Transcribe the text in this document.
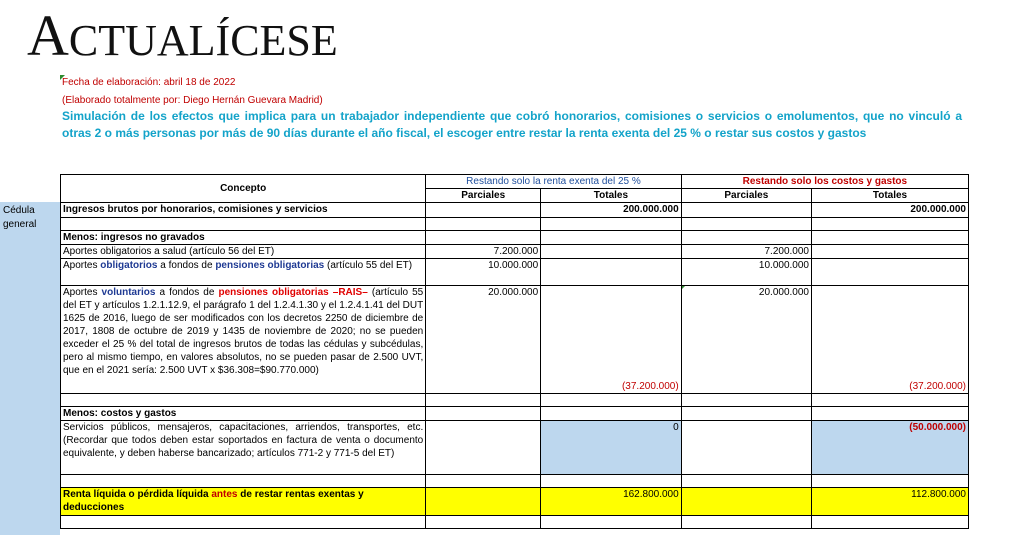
ACTUALÍCESE
Fecha de elaboración: abril 18 de 2022
(Elaborado totalmente por: Diego Hernán Guevara Madrid)
Simulación de los efectos que implica para un trabajador independiente que cobró honorarios, comisiones o servicios o emolumentos, que no vinculó a otras 2 o más personas por más de 90 días durante el año fiscal, el escoger entre restar la renta exenta del 25 % o restar sus costos y gastos
Cédula general
Concepto	Restando solo la renta exenta del 25 %		Restando solo los costos y gastos	
	Parciales	Totales	Parciales	Totales
Ingresos brutos por honorarios, comisiones y servicios		200.000.000		200.000.000

Menos: ingresos no gravados				
Aportes obligatorios a salud (artículo 56 del ET)	7.200.000		7.200.000	
Aportes obligatorios a fondos de pensiones obligatorias (artículo 55 del ET)	10.000.000		10.000.000	

Aportes voluntarios a fondos de pensiones obligatorias –RAIS– (artículo 55 del ET y artículos 1.2.1.12.9, el parágrafo 1 del 1.2.4.1.30 y el 1.2.4.1.41 del DUT 1625 de 2016, luego de ser modificados con los decretos 2250 de diciembre de 2017, 1808 de octubre de 2019 y 1435 de noviembre de 2020; no se pueden exceder el 25 % del total de ingresos brutos de todas las cédulas y subcédulas, pero al mismo tiempo, en valores absolutos, no se pueden pasar de 2.500 UVT, que en el 2021 sería: 2.500 UVT x $36.308=$90.770.000)	20.000.000	(37.200.000)	20.000.000	(37.200.000)

Menos: costos y gastos				
Servicios públicos, mensajeros, capacitaciones, arriendos, transportes, etc. (Recordar que todos deben estar soportados en factura de venta o documento equivalente, y deben haberse bancarizado; artículos 771-2 y 771-5 del ET)		0		(50.000.000)

Renta líquida o pérdida líquida antes de restar rentas exentas y deducciones		162.800.000		112.800.000
